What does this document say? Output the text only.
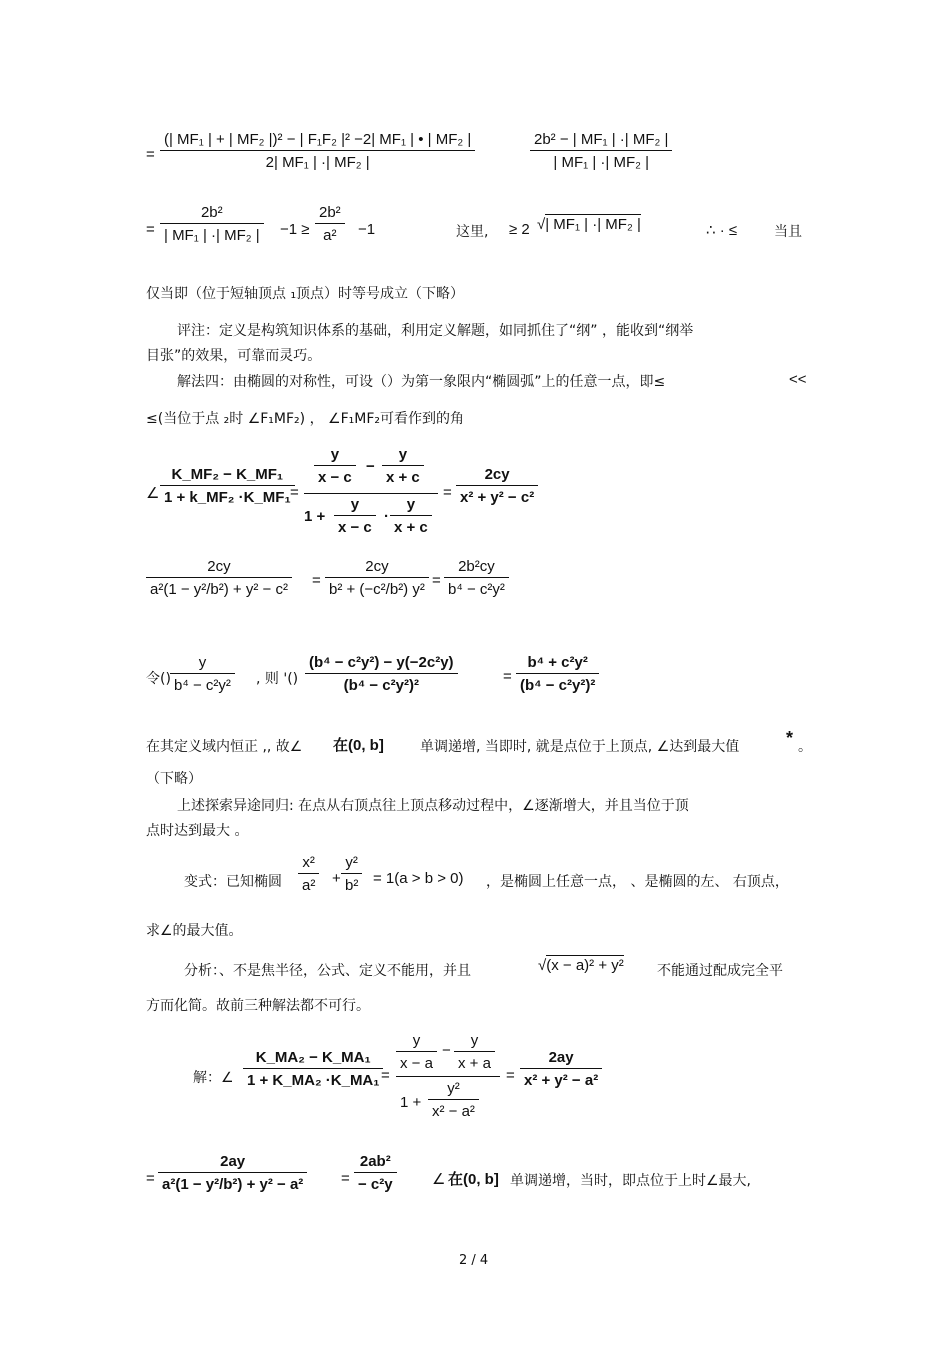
=
(| MF₁ | + | MF₂ |)² − | F₁F₂ |² −2| MF₁ | • | MF₂ |
2| MF₁ | ·| MF₂ |
2b² − | MF₁ | ·| MF₂ |
| MF₁ | ·| MF₂ |
=
2b²
| MF₁ | ·| MF₂ | −1 ≥
2b²
a² −1	这里, ≥ 2 √| MF₁ | ·| MF₂ |	∴ · ≤	当且
仅当即（位于短轴顶点 ₁顶点）时等号成立（下略）
评注：定义是构筑知识体系的基础，利用定义解题，如同抓住了“纲” ，能收到“纲举
目张”的效果，可靠而灵巧。
解法四：由椭圆的对称性，可设（）为第一象限内“椭圆弧”上的任意一点，即≤	<<
≤(当位于点 ₂时 ∠F₁MF₂) ， ∠F₁MF₂可看作到的角
∠
K_MF₂ − K_MF₁
1 + k_MF₂ ·K_MF₁ =
y
x − c
−
y
x + c
1 +
y
x − c
·
y
x + c
=
2cy
x² + y² − c²
2cy
a²(1 − y²/b²) + y² − c²
=
2cy
b² + (−c²/b²) y²
=
2b²cy
b⁴ − c²y²
令()
y
b⁴ − c²y² , 则 '()
(b⁴ − c²y²) − y(−2c²y)
(b⁴ − c²y²)²
=
b⁴ + c²y²
(b⁴ − c²y²)²
在其定义域内恒正 ,, 故∠ 在(0, b]	单调递增, 当即时, 就是点位于上顶点, ∠达到最大值	* 。
（下略）
上述探索异途同归: 在点从右顶点往上顶点移动过程中，∠逐渐增大，并且当位于顶
点时达到最大 。
变式：已知椭圆
x²
a² +
y²
b² = 1(a > b > 0) ，是椭圆上任意一点， 、是椭圆的左、 右顶点，
求∠的最大值。
分析：、不是焦半径，公式、定义不能用，并且	√(x − a)² + y² 不能通过配成完全平
方而化简。故前三种解法都不可行。
解：∠
K_MA₂ − K_MA₁
1 + K_MA₂ ·K_MA₁ =
y
x − a
−
y
x + a
1 +
y²
x² − a²
=
2ay
x² + y² − a²
=
2ay
a²(1 − y²/b²) + y² − a²	=
2ab²
− c²y	∠ 在(0, b] 单调递增，当时，即点位于上时∠最大,
2 / 4
